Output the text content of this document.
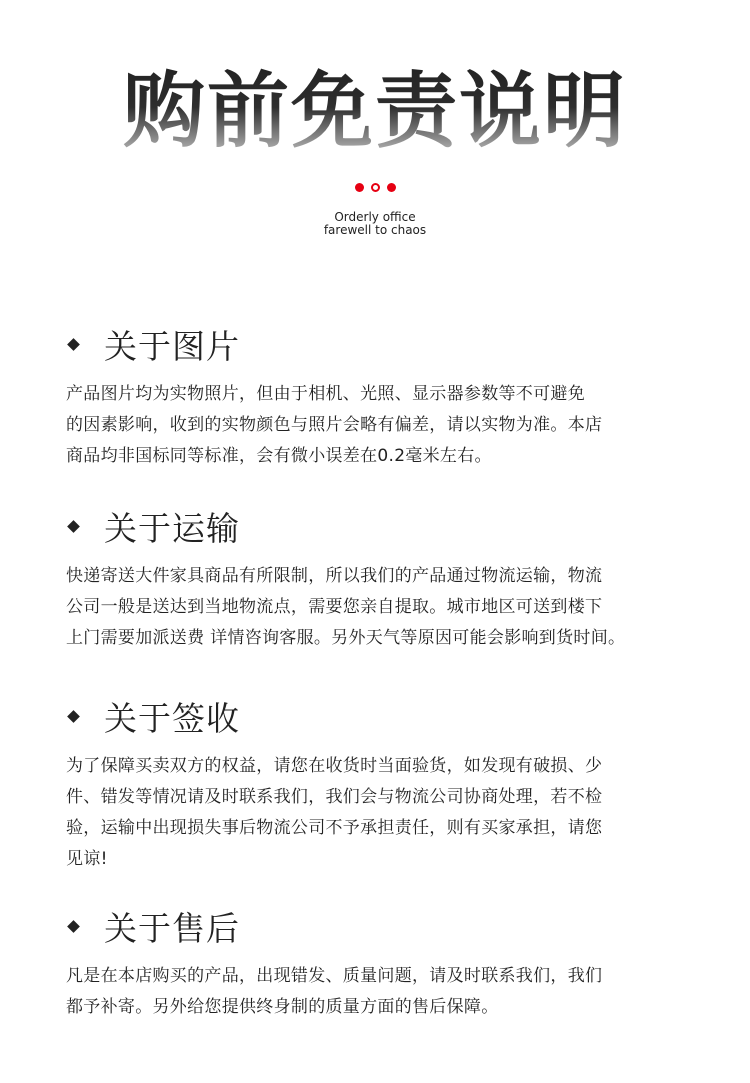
购前免责说明
Orderly office
farewell to chaos
关于图片
产品图片均为实物照片，但由于相机、光照、显示器参数等不可避免
的因素影响，收到的实物颜色与照片会略有偏差，请以实物为准。本店
商品均非国标同等标准，会有微小误差在0.2毫米左右。
关于运输
快递寄送大件家具商品有所限制，所以我们的产品通过物流运输，物流
公司一般是送达到当地物流点，需要您亲自提取。城市地区可送到楼下
上门需要加派送费 详情咨询客服。另外天气等原因可能会影响到货时间。
关于签收
为了保障买卖双方的权益，请您在收货时当面验货，如发现有破损、少
件、错发等情况请及时联系我们，我们会与物流公司协商处理，若不检
验，运输中出现损失事后物流公司不予承担责任，则有买家承担，请您
见谅!
关于售后
凡是在本店购买的产品，出现错发、质量问题，请及时联系我们，我们
都予补寄。另外给您提供终身制的质量方面的售后保障。
